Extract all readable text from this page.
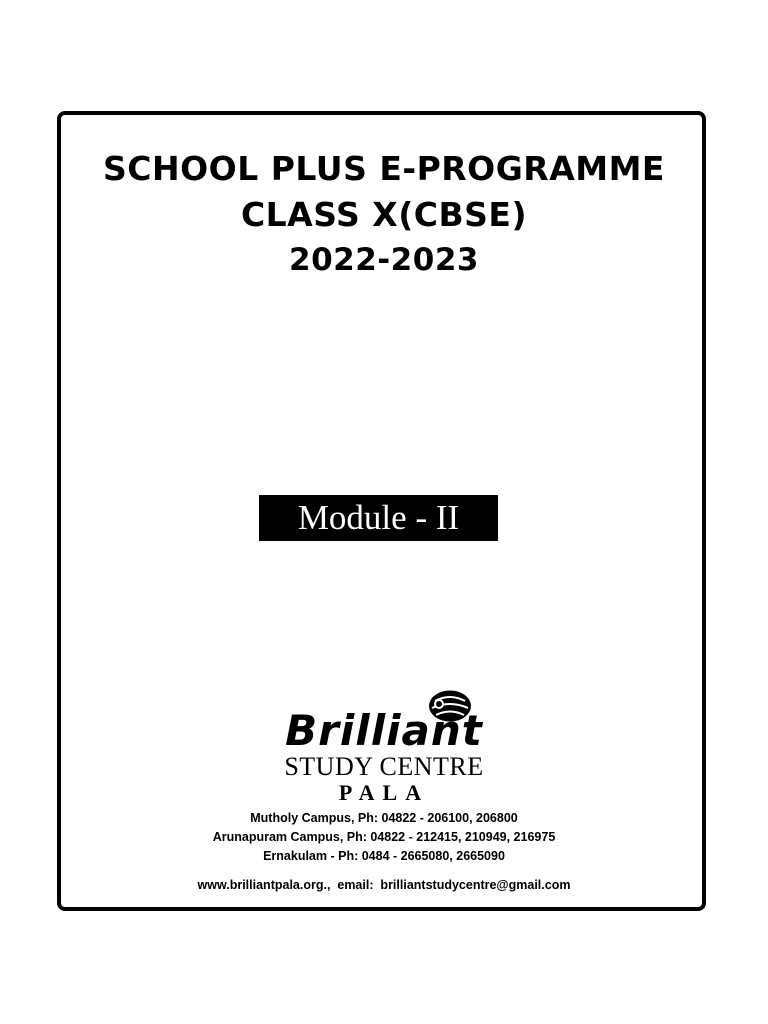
SCHOOL PLUS E-PROGRAMME
CLASS X(CBSE)
2022-2023
Module - II
Brilliant
STUDY CENTRE
PALA
Mutholy Campus, Ph: 04822 - 206100, 206800
Arunapuram Campus, Ph: 04822 - 212415, 210949, 216975
Ernakulam - Ph: 0484 - 2665080, 2665090
www.brilliantpala.org.,  email:  brilliantstudycentre@gmail.com
